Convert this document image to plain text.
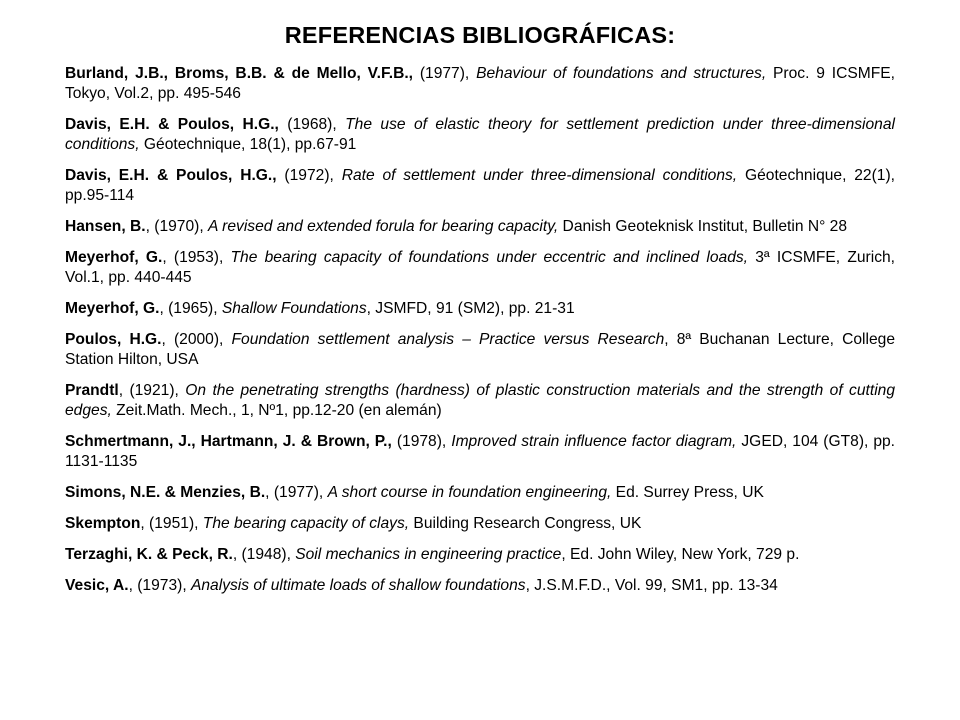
REFERENCIAS BIBLIOGRÁFICAS:

Burland, J.B., Broms, B.B. & de Mello, V.F.B., (1977), Behaviour of foundations and structures, Proc. 9 ICSMFE, Tokyo, Vol.2, pp. 495-546

Davis, E.H. & Poulos, H.G., (1968), The use of elastic theory for settlement prediction under three-dimensional conditions, Géotechnique, 18(1), pp.67-91

Davis, E.H. & Poulos, H.G., (1972), Rate of settlement under three-dimensional conditions, Géotechnique, 22(1), pp.95-114

Hansen, B., (1970), A revised and extended forula for bearing capacity, Danish Geoteknisk Institut, Bulletin N° 28

Meyerhof, G., (1953), The bearing capacity of foundations under eccentric and inclined loads, 3ª ICSMFE, Zurich, Vol.1, pp. 440-445

Meyerhof, G., (1965), Shallow Foundations, JSMFD, 91 (SM2), pp. 21-31

Poulos, H.G., (2000), Foundation settlement analysis – Practice versus Research, 8ª Buchanan Lecture, College Station Hilton, USA

Prandtl, (1921), On the penetrating strengths (hardness) of plastic construction materials and the strength of cutting edges, Zeit.Math. Mech., 1, Nº1, pp.12-20 (en alemán)

Schmertmann, J., Hartmann, J. & Brown, P., (1978), Improved strain influence factor diagram, JGED, 104 (GT8), pp. 1131-1135

Simons, N.E. & Menzies, B., (1977), A short course in foundation engineering, Ed. Surrey Press, UK

Skempton, (1951), The bearing capacity of clays, Building Research Congress, UK

Terzaghi, K. & Peck, R., (1948), Soil mechanics in engineering practice, Ed. John Wiley, New York, 729 p.

Vesic, A., (1973), Analysis of ultimate loads of shallow foundations, J.S.M.F.D., Vol. 99, SM1, pp. 13-34
